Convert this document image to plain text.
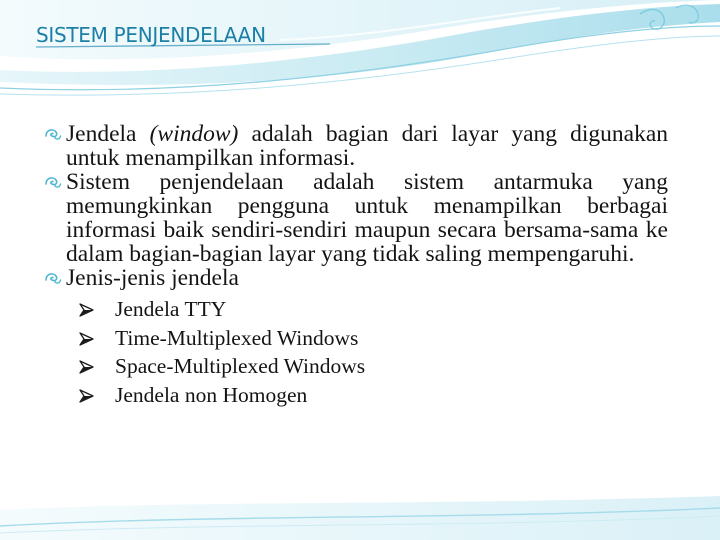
SISTEM PENJENDELAAN

Jendela (window) adalah bagian dari layar yang digunakan untuk menampilkan informasi.

Sistem penjendelaan adalah sistem antarmuka yang memungkinkan pengguna untuk menampilkan berbagai informasi baik sendiri-sendiri maupun secara bersama-sama ke dalam bagian-bagian layar yang tidak saling mempengaruhi.

Jenis-jenis jendela

Jendela TTY
Time-Multiplexed Windows
Space-Multiplexed Windows
Jendela non Homogen
